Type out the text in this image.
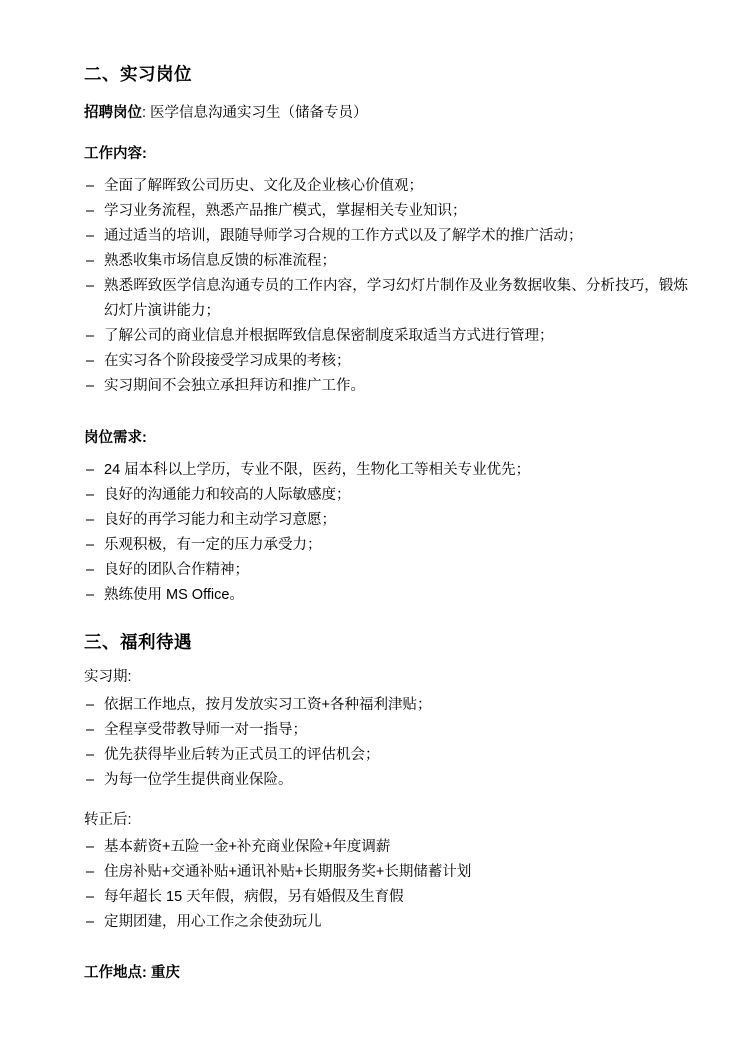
二、实习岗位

招聘岗位: 医学信息沟通实习生（储备专员）

工作内容:

– 全面了解晖致公司历史、文化及企业核心价值观；
– 学习业务流程，熟悉产品推广模式，掌握相关专业知识；
– 通过适当的培训，跟随导师学习合规的工作方式以及了解学术的推广活动；
– 熟悉收集市场信息反馈的标准流程；
– 熟悉晖致医学信息沟通专员的工作内容，学习幻灯片制作及业务数据收集、分析技巧，锻炼幻灯片演讲能力；
– 了解公司的商业信息并根据晖致信息保密制度采取适当方式进行管理；
– 在实习各个阶段接受学习成果的考核；
– 实习期间不会独立承担拜访和推广工作。

岗位需求:

– 24 届本科以上学历，专业不限，医药，生物化工等相关专业优先；
– 良好的沟通能力和较高的人际敏感度；
– 良好的再学习能力和主动学习意愿；
– 乐观积极，有一定的压力承受力；
– 良好的团队合作精神；
– 熟练使用 MS Office。
三、福利待遇

实习期:

– 依据工作地点，按月发放实习工资+各种福利津贴；
– 全程享受带教导师一对一指导；
– 优先获得毕业后转为正式员工的评估机会；
– 为每一位学生提供商业保险。

转正后:

– 基本薪资+五险一金+补充商业保险+年度调薪
– 住房补贴+交通补贴+通讯补贴+长期服务奖+长期储蓄计划
– 每年超长 15 天年假，病假，另有婚假及生育假
– 定期团建，用心工作之余使劲玩儿

工作地点: 重庆
